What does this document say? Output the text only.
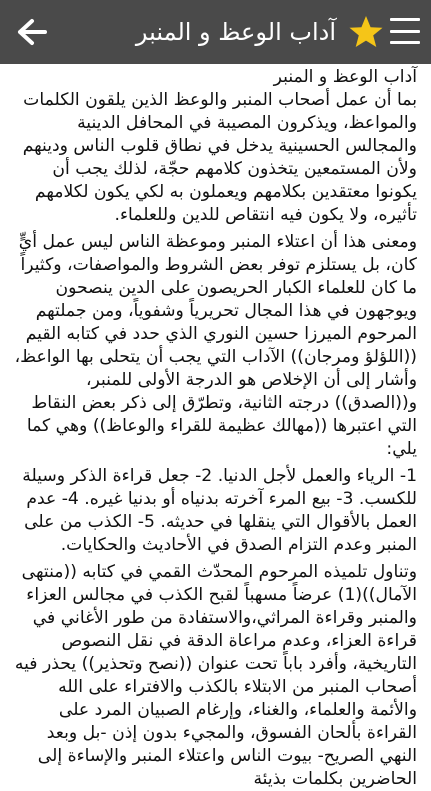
آداب الوعظ و المنبر

آداب الوعظ و المنبر

بما أن عمل أصحاب المنبر والوعظ الذين يلقون الكلمات والمواعظ، ويذكرون المصيبة في المحافل الدينية والمجالس الحسينية يدخل في نطاق قلوب الناس ودينهم ولأن المستمعين يتخذون كلامهم حجّة، لذلك يجب أن يكونوا معتقدين بكلامهم ويعملون به لكي يكون لكلامهم تأثيره، ولا يكون فيه انتقاص للدين وللعلماء.

ومعنى هذا أن اعتلاء المنبر وموعظة الناس ليس عمل أيٍّ كان، بل يستلزم توفر بعض الشروط والمواصفات، وكثيراً ما كان للعلماء الكبار الحريصون على الدين ينصحون ويوجهون في هذا المجال تحريرياً وشفوياً، ومن جملتهم المرحوم الميرزا حسين النوري الذي حدد في كتابه القيم ((اللؤلؤ ومرجان)) الآداب التي يجب أن يتحلى بها الواعظ، وأشار إلى أن الإخلاص هو الدرجة الأولى للمنبر، و((الصدق)) درجته الثانية، وتطرّق إلى ذكر بعض النقاط التي اعتبرها ((مهالك عظيمة للقراء والوعاظ)) وهي كما يلي:

1- الرياء والعمل لأجل الدنيا. 2- جعل قراءة الذكر وسيلة للكسب. 3- بيع المرء آخرته بدنياه أو بدنيا غيره. 4- عدم العمل بالأقوال التي ينقلها في حديثه. 5- الكذب من على المنبر وعدم التزام الصدق في الأحاديث والحكايات.

وتناول تلميذه المرحوم المحدّث القمي في كتابه ((منتهى الآمال))(1) عرضاً مسهباً لقبح الكذب في مجالس العزاء والمنبر وقراءة المراثي،والاستفادة من طور الأغاني في قراءة العزاء، وعدم مراعاة الدقة في نقل النصوص التاريخية، وأفرد باباً تحت عنوان ((نصح وتحذير)) يحذر فيه أصحاب المنبر من الابتلاء بالكذب والافتراء على الله والأئمة والعلماء، والغناء، وإرغام الصبيان المرد على القراءة بألحان الفسوق، والمجيء بدون إذن -بل وبعد النهي الصريح- بيوت الناس واعتلاء المنبر والإساءة إلى الحاضرين بكلمات بذيئة
